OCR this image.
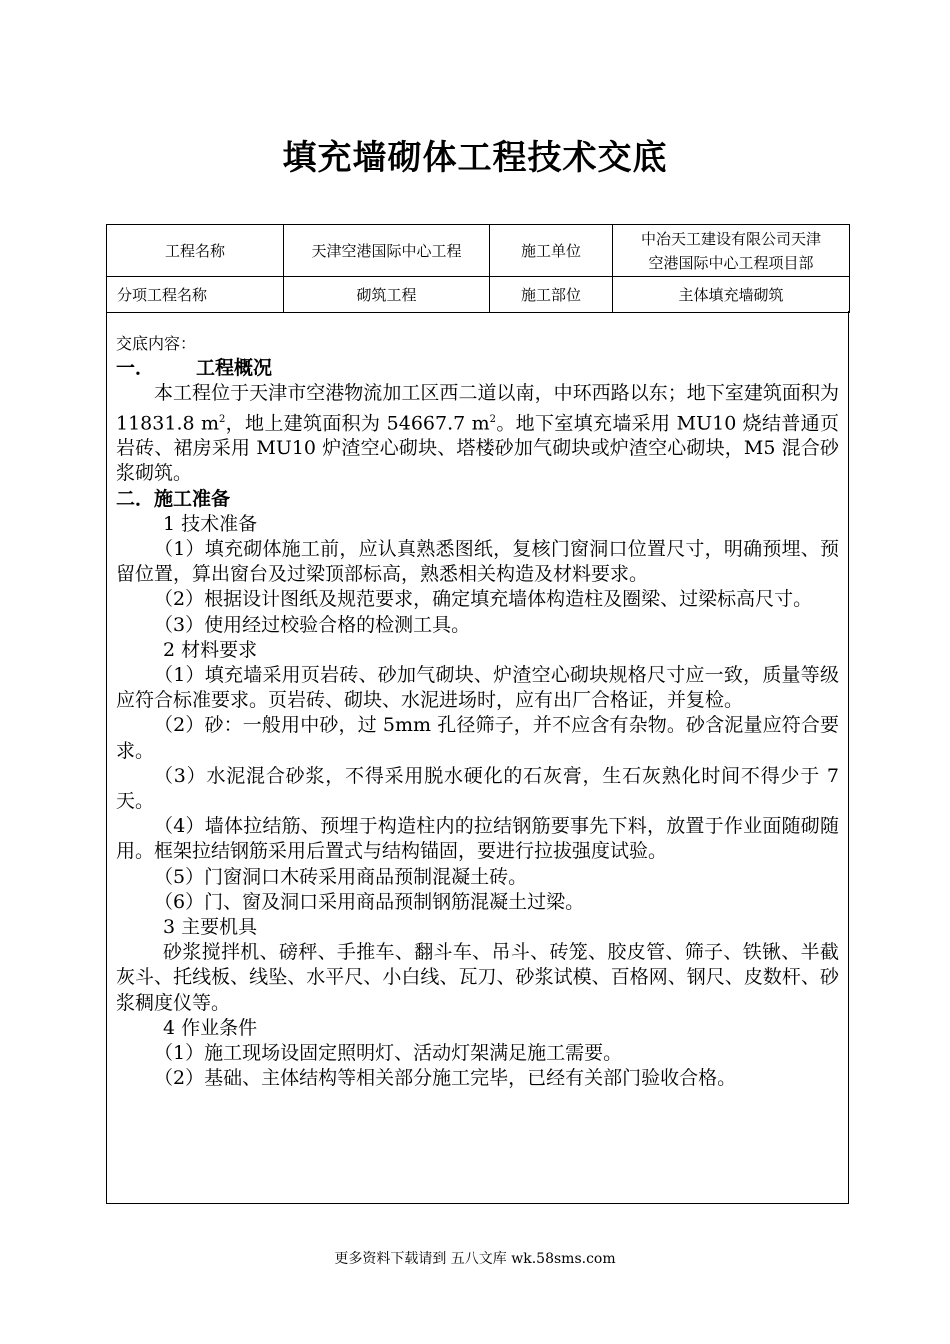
填充墙砌体工程技术交底
工程名称	天津空港国际中心工程	施工单位	中冶天工建设有限公司天津
空港国际中心工程项目部

分项工程名称	砌筑工程	施工部位	主体填充墙砌筑

交底内容：

一． 工程概况

本工程位于天津市空港物流加工区西二道以南，中环西路以东；地下室建筑面积为 11831.8 $m^2$，地上建筑面积为 54667.7 $m^2$。地下室填充墙采用 MU10 烧结普通页岩砖、裙房采用 MU10 炉渣空心砌块、塔楼砂加气砌块或炉渣空心砌块，M5 混合砂浆砌筑。

二．施工准备

1 技术准备

（1）填充砌体施工前，应认真熟悉图纸，复核门窗洞口位置尺寸，明确预埋、预留位置，算出窗台及过梁顶部标高，熟悉相关构造及材料要求。

（2）根据设计图纸及规范要求，确定填充墙体构造柱及圈梁、过梁标高尺寸。

（3）使用经过校验合格的检测工具。

2 材料要求

（1）填充墙采用页岩砖、砂加气砌块、炉渣空心砌块规格尺寸应一致，质量等级应符合标准要求。页岩砖、砌块、水泥进场时，应有出厂合格证，并复检。

（2）砂：一般用中砂，过 5mm 孔径筛子，并不应含有杂物。砂含泥量应符合要求。

（3）水泥混合砂浆，不得采用脱水硬化的石灰膏，生石灰熟化时间不得少于 7 天。

（4）墙体拉结筋、预埋于构造柱内的拉结钢筋要事先下料，放置于作业面随砌随用。框架拉结钢筋采用后置式与结构锚固，要进行拉拔强度试验。

（5）门窗洞口木砖采用商品预制混凝土砖。

（6）门、窗及洞口采用商品预制钢筋混凝土过梁。

3 主要机具

砂浆搅拌机、磅秤、手推车、翻斗车、吊斗、砖笼、胶皮管、筛子、铁锹、半截灰斗、托线板、线坠、水平尺、小白线、瓦刀、砂浆试模、百格网、钢尺、皮数杆、砂浆稠度仪等。

4 作业条件

（1）施工现场设固定照明灯、活动灯架满足施工需要。

（2）基础、主体结构等相关部分施工完毕，已经有关部门验收合格。

更多资料下载请到 五八文库 wk.58sms.com
